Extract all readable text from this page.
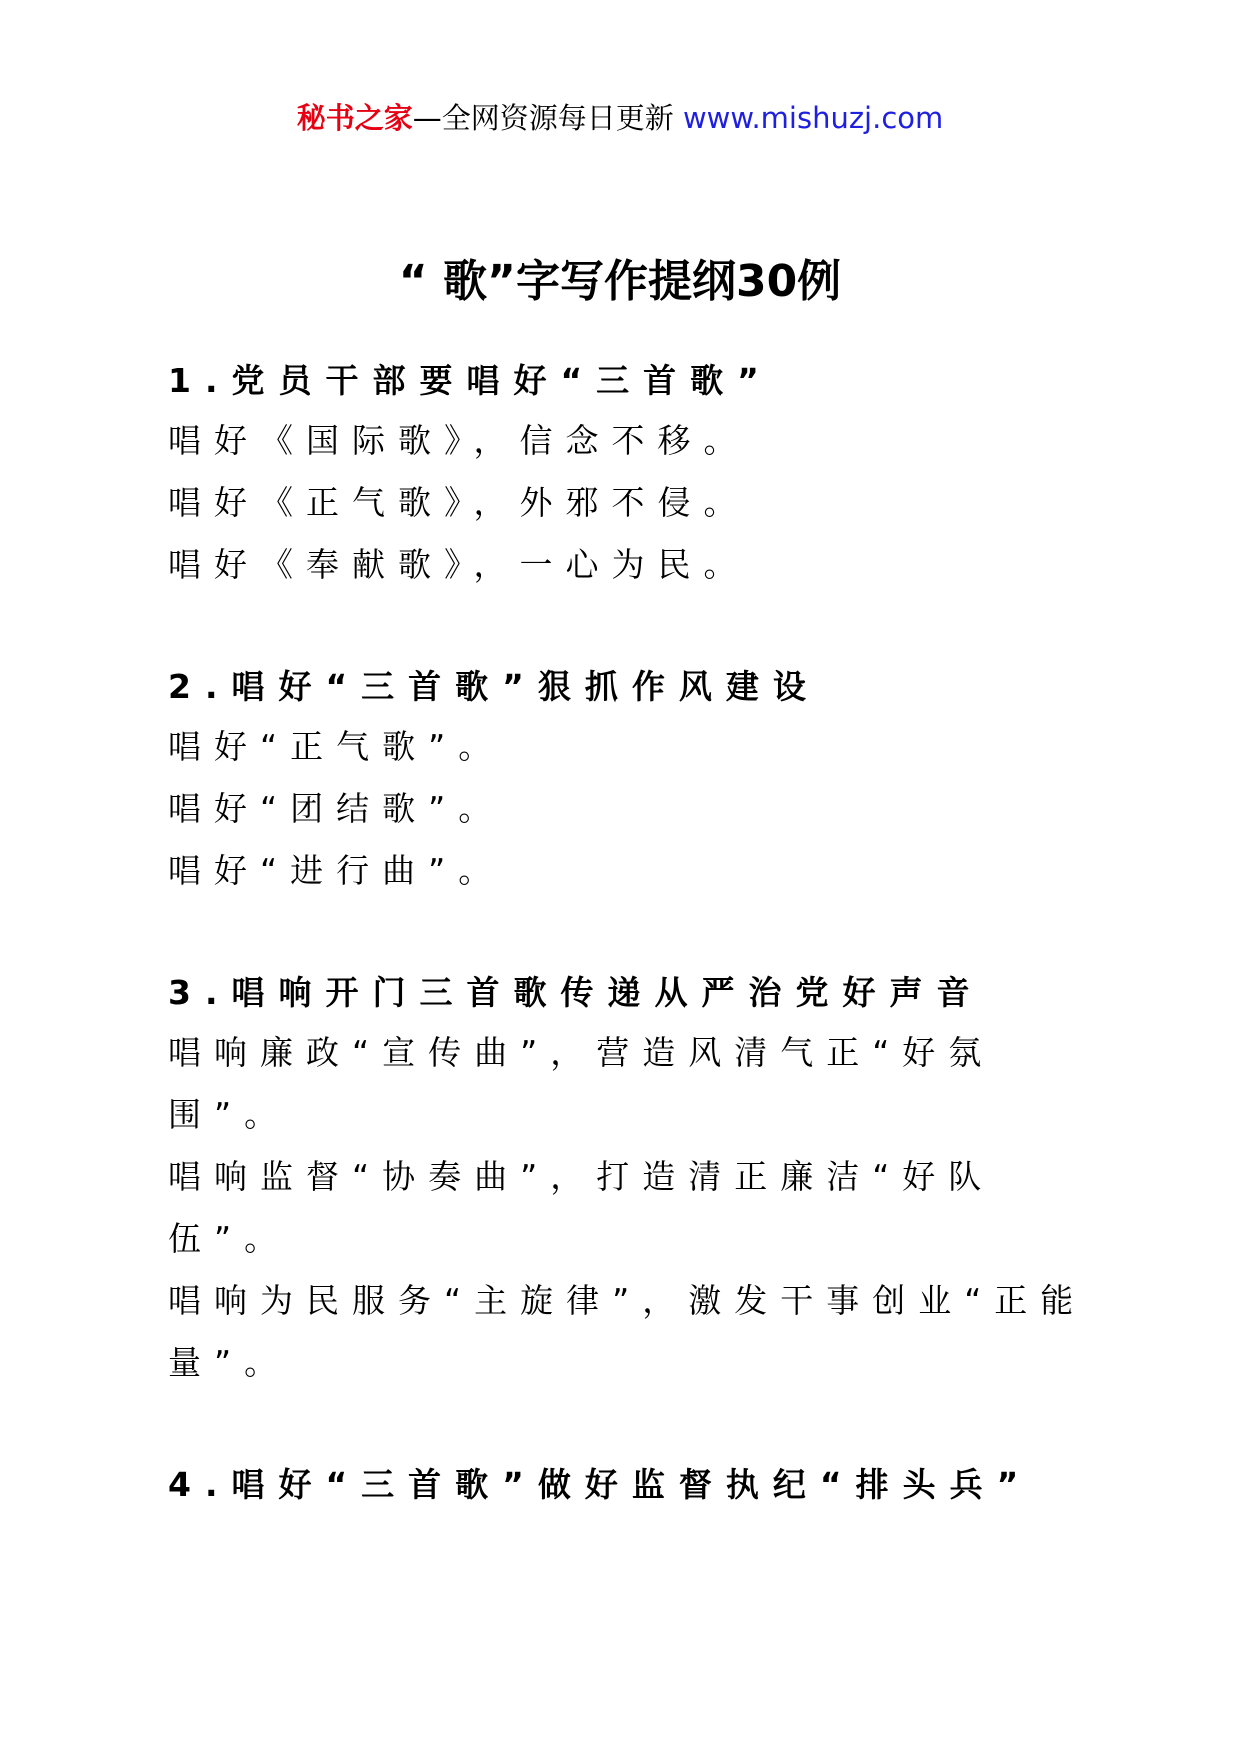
秘书之家—全网资源每日更新 www.mishuzj.com
“ 歌”字写作提纲30例

1.党员干部要唱好“三首歌”

唱好《国际歌》，信念不移。

唱好《正气歌》，外邪不侵。

唱好《奉献歌》，一心为民。

2.唱好“三首歌”狠抓作风建设

唱好“正气歌”。

唱好“团结歌”。

唱好“进行曲”。

3.唱响开门三首歌传递从严治党好声音

唱响廉政“宣传曲”，营造风清气正“好氛围”。

唱响监督“协奏曲”，打造清正廉洁“好队伍”。

唱响为民服务“主旋律”，激发干事创业“正能量”。

4.唱好“三首歌”做好监督执纪“排头兵”
